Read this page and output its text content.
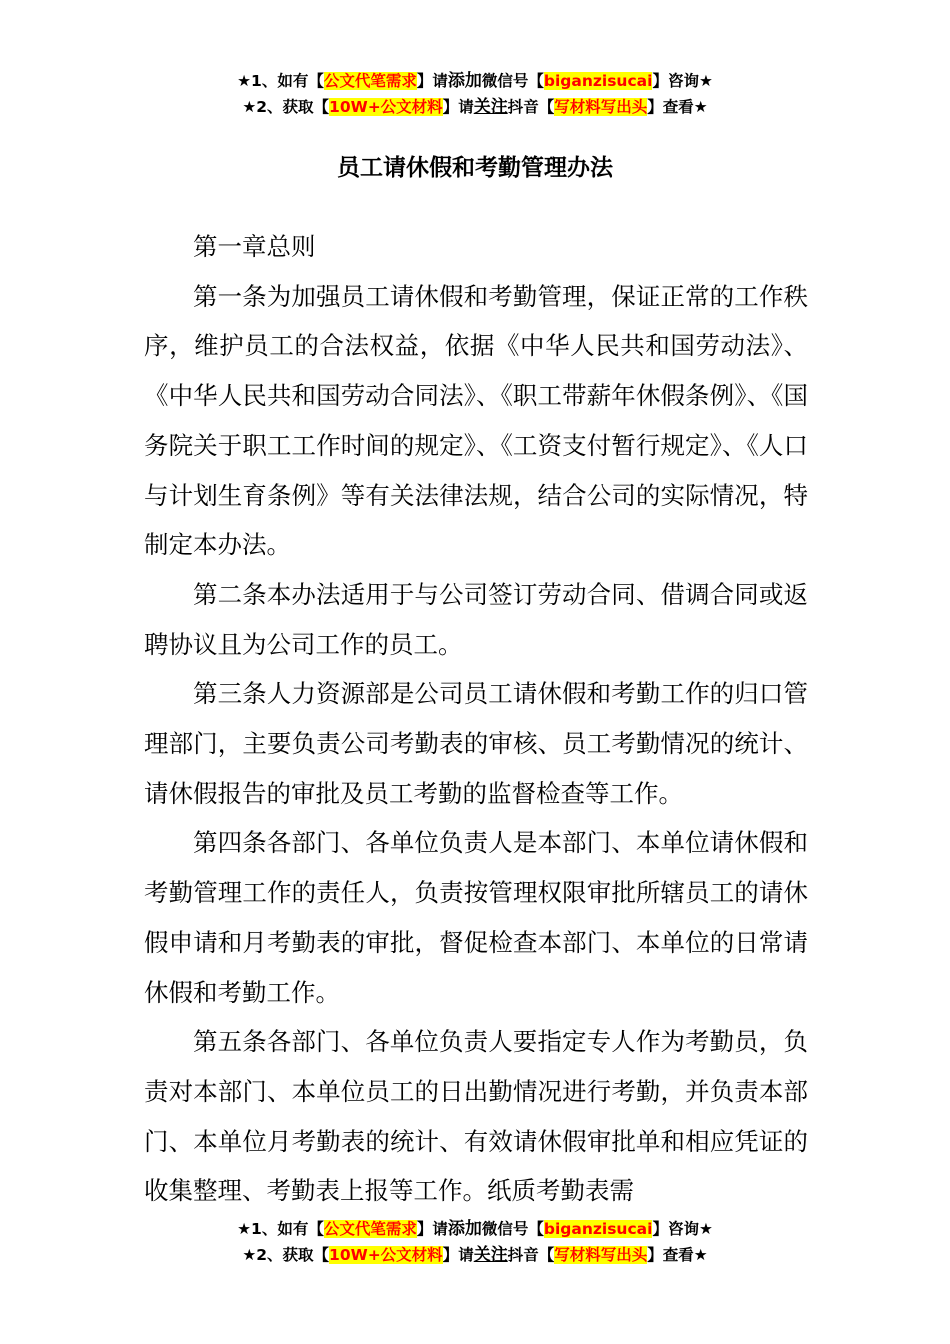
★1、如有【公文代笔需求】请添加微信号【biganzisucai】咨询★
★2、获取【10W+公文材料】请关注抖音【写材料写出头】查看★
员工请休假和考勤管理办法

第一章总则

第一条为加强员工请休假和考勤管理，保证正常的工作秩序，维护员工的合法权益，依据《中华人民共和国劳动法》、《中华人民共和国劳动合同法》、《职工带薪年休假条例》、《国务院关于职工工作时间的规定》、《工资支付暂行规定》、《人口与计划生育条例》等有关法律法规，结合公司的实际情况，特制定本办法。

第二条本办法适用于与公司签订劳动合同、借调合同或返聘协议且为公司工作的员工。

第三条人力资源部是公司员工请休假和考勤工作的归口管理部门，主要负责公司考勤表的审核、员工考勤情况的统计、请休假报告的审批及员工考勤的监督检查等工作。

第四条各部门、各单位负责人是本部门、本单位请休假和考勤管理工作的责任人，负责按管理权限审批所辖员工的请休假申请和月考勤表的审批，督促检查本部门、本单位的日常请休假和考勤工作。

第五条各部门、各单位负责人要指定专人作为考勤员，负责对本部门、本单位员工的日出勤情况进行考勤，并负责本部门、本单位月考勤表的统计、有效请休假审批单和相应凭证的收集整理、考勤表上报等工作。纸质考勤表需

★1、如有【公文代笔需求】请添加微信号【biganzisucai】咨询★
★2、获取【10W+公文材料】请关注抖音【写材料写出头】查看★
